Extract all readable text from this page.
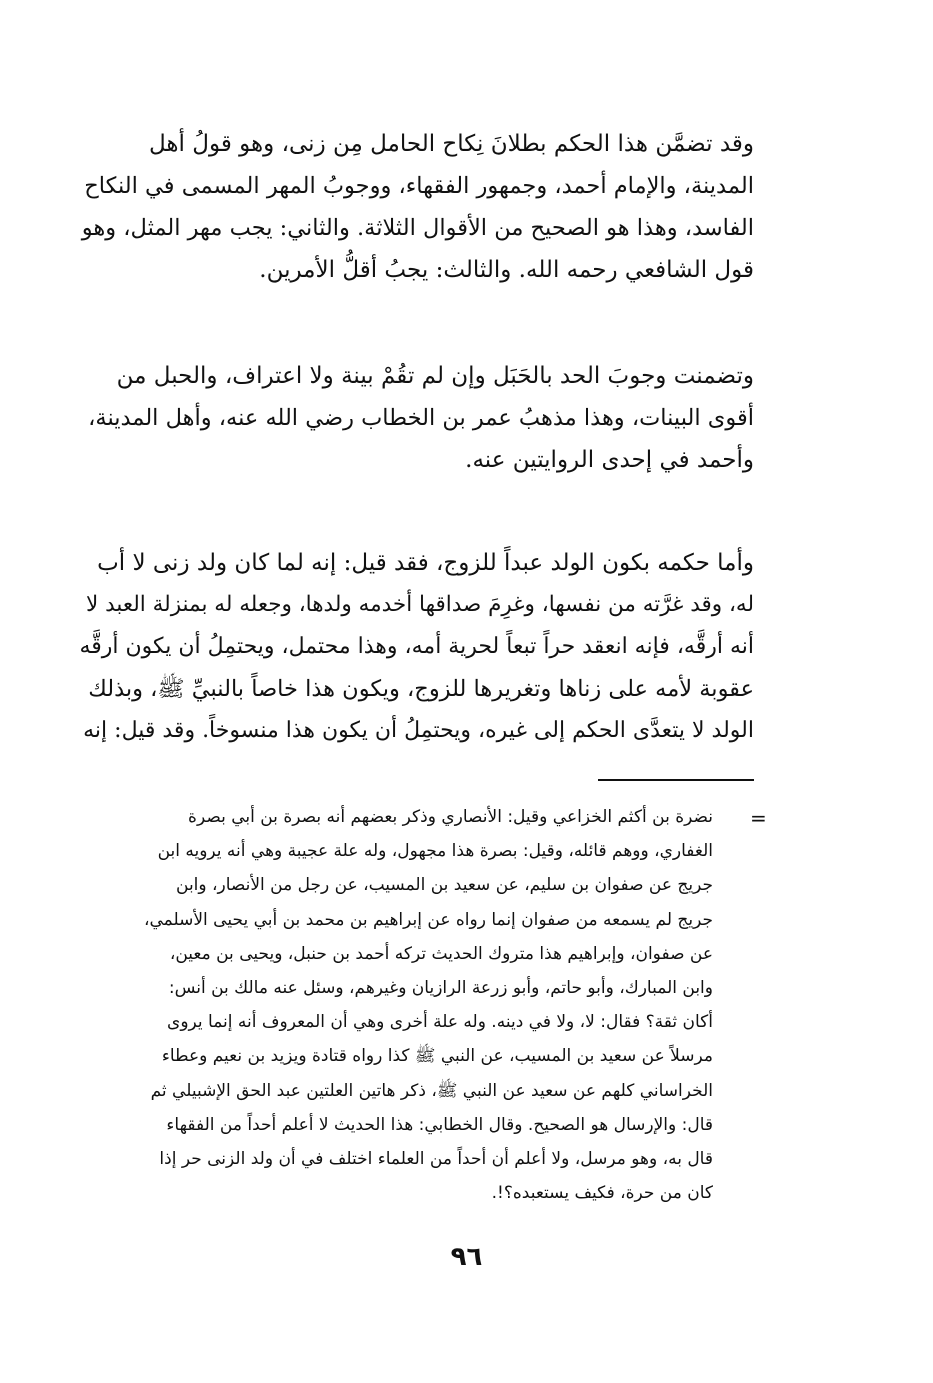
وقد تضمَّن هذا الحكم بطلانَ نِكاح الحامل مِن زنى، وهو قولُ أهل
المدينة، والإمام أحمد، وجمهور الفقهاء، ووجوبُ المهر المسمى في النكاح
الفاسد، وهذا هو الصحيح من الأقوال الثلاثة. والثاني: يجب مهر المثل، وهو
قول الشافعي رحمه الله. والثالث: يجبُ أقلُّ الأمرين.
وتضمنت وجوبَ الحد بالحَبَل وإن لم تقُمْ بينة ولا اعتراف، والحبل من
أقوى البينات، وهذا مذهبُ عمر بن الخطاب رضي الله عنه، وأهل المدينة،
وأحمد في إحدى الروايتين عنه.
وأما حكمه بكون الولد عبداً للزوج، فقد قيل: إنه لما كان ولد زنى لا أب
له، وقد غرَّته من نفسها، وغرِمَ صداقها أخدمه ولدها، وجعله له بمنزلة العبد لا
أنه أرقَّه، فإنه انعقد حراً تبعاً لحرية أمه، وهذا محتمل، ويحتمِلُ أن يكون أرقَّه
عقوبة لأمه على زناها وتغريرها للزوج، ويكون هذا خاصاً بالنبيِّ ﷺ، وبذلك
الولد لا يتعدَّى الحكم إلى غيره، ويحتمِلُ أن يكون هذا منسوخاً. وقد قيل: إنه
=
نضرة بن أكثم الخزاعي وقيل: الأنصاري وذكر بعضهم أنه بصرة بن أبي بصرة
الغفاري، ووهم قائله، وقيل: بصرة هذا مجهول، وله علة عجيبة وهي أنه يرويه ابن
جريج عن صفوان بن سليم، عن سعيد بن المسيب، عن رجل من الأنصار، وابن
جريج لم يسمعه من صفوان إنما رواه عن إبراهيم بن محمد بن أبي يحيى الأسلمي،
عن صفوان، وإبراهيم هذا متروك الحديث تركه أحمد بن حنبل، ويحيى بن معين،
وابن المبارك، وأبو حاتم، وأبو زرعة الرازيان وغيرهم، وسئل عنه مالك بن أنس:
أكان ثقة؟ فقال: لا، ولا في دينه. وله علة أخرى وهي أن المعروف أنه إنما يروى
مرسلاً عن سعيد بن المسيب، عن النبي ﷺ كذا رواه قتادة ويزيد بن نعيم وعطاء
الخراساني كلهم عن سعيد عن النبي ﷺ، ذكر هاتين العلتين عبد الحق الإشبيلي ثم
قال: والإرسال هو الصحيح. وقال الخطابي: هذا الحديث لا أعلم أحداً من الفقهاء
قال به، وهو مرسل، ولا أعلم أن أحداً من العلماء اختلف في أن ولد الزنى حر إذا
كان من حرة، فكيف يستعبده؟!.
٩٦
